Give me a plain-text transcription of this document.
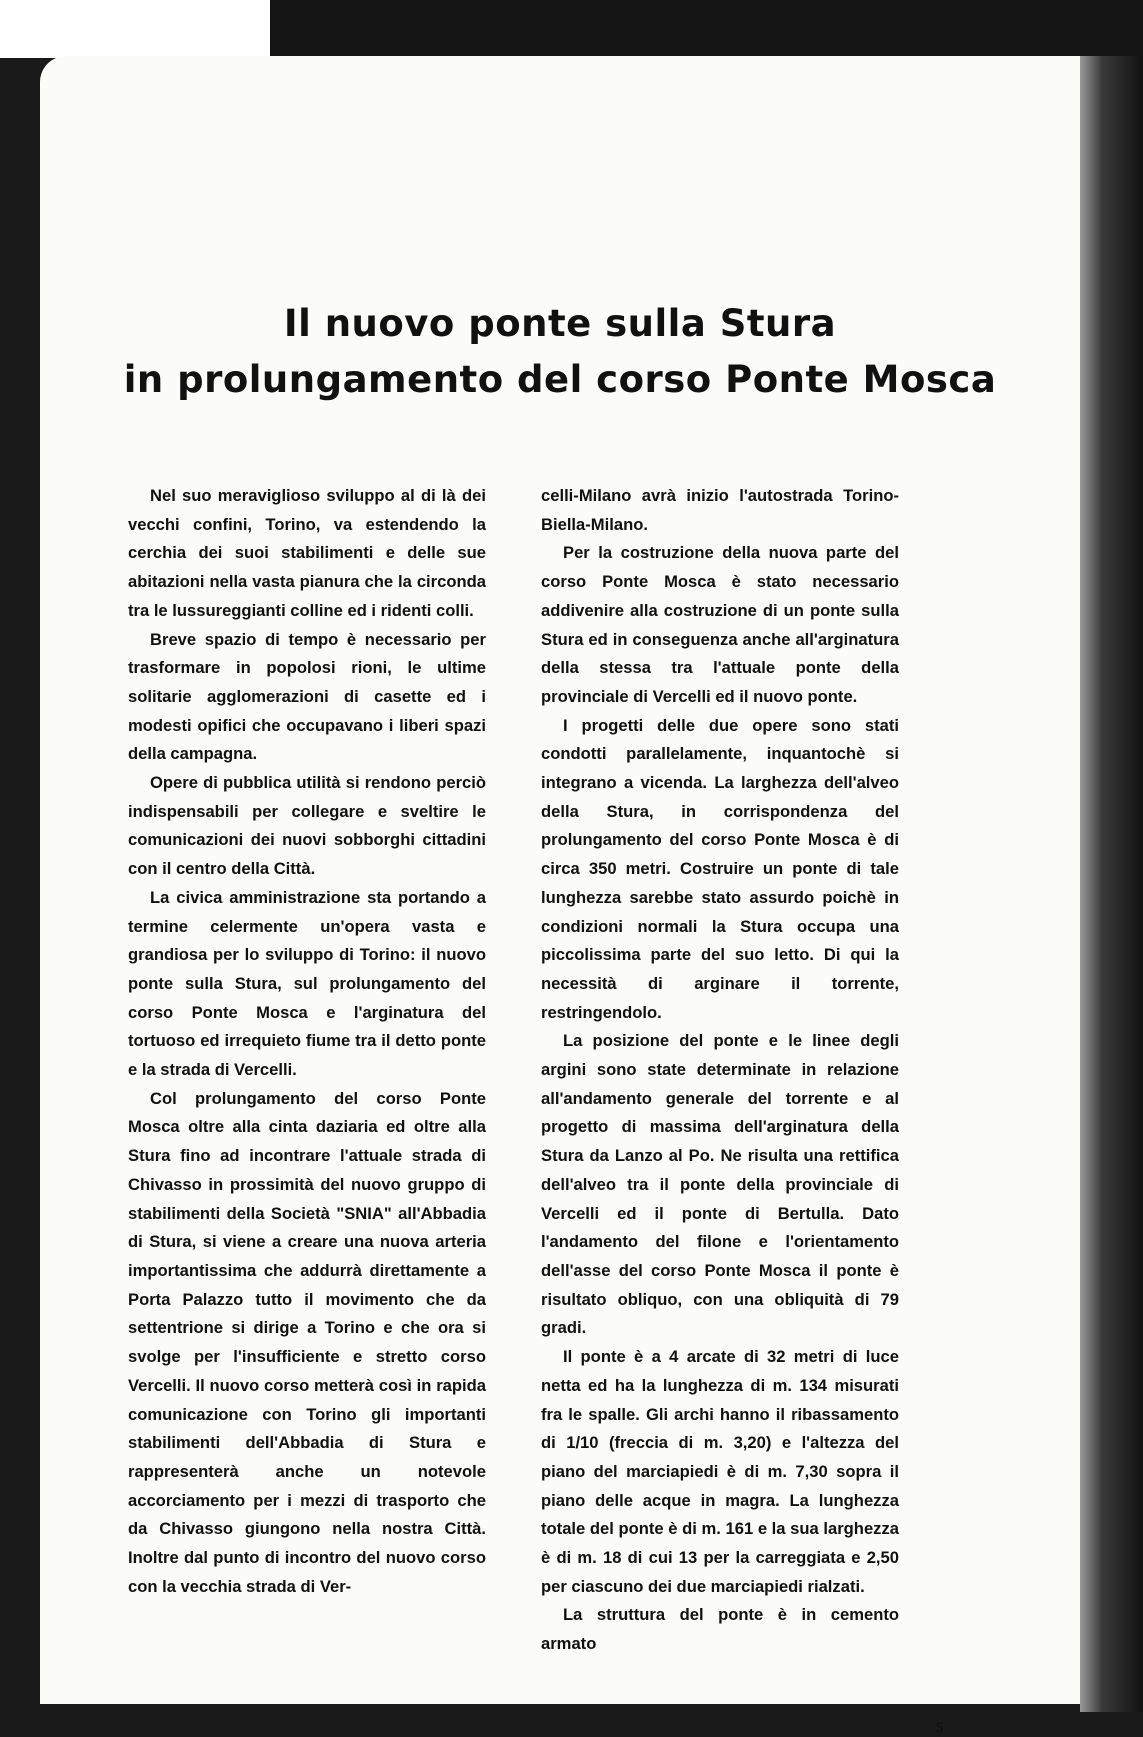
Il nuovo ponte sulla Stura
in prolungamento del corso Ponte Mosca

Nel suo meraviglioso sviluppo al di là dei vecchi confini, Torino, va estendendo la cerchia dei suoi stabilimenti e delle sue abitazioni nella vasta pianura che la circonda tra le lussureggianti colline ed i ridenti colli.

Breve spazio di tempo è necessario per trasformare in popolosi rioni, le ultime solitarie agglomerazioni di casette ed i modesti opifici che occupavano i liberi spazi della campagna.

Opere di pubblica utilità si rendono perciò indispensabili per collegare e sveltire le comunicazioni dei nuovi sobborghi cittadini con il centro della Città.

La civica amministrazione sta portando a termine celermente un'opera vasta e grandiosa per lo sviluppo di Torino: il nuovo ponte sulla Stura, sul prolungamento del corso Ponte Mosca e l'arginatura del tortuoso ed irrequieto fiume tra il detto ponte e la strada di Vercelli.

Col prolungamento del corso Ponte Mosca oltre alla cinta daziaria ed oltre alla Stura fino ad incontrare l'attuale strada di Chivasso in prossimità del nuovo gruppo di stabilimenti della Società "SNIA" all'Abbadia di Stura, si viene a creare una nuova arteria importantissima che addurrà direttamente a Porta Palazzo tutto il movimento che da settentrione si dirige a Torino e che ora si svolge per l'insufficiente e stretto corso Vercelli. Il nuovo corso metterà così in rapida comunicazione con Torino gli importanti stabilimenti dell'Abbadia di Stura e rappresenterà anche un notevole accorciamento per i mezzi di trasporto che da Chivasso giungono nella nostra Città. Inoltre dal punto di incontro del nuovo corso con la vecchia strada di Ver-

celli-Milano avrà inizio l'autostrada Torino-Biella-Milano.

Per la costruzione della nuova parte del corso Ponte Mosca è stato necessario addivenire alla costruzione di un ponte sulla Stura ed in conseguenza anche all'arginatura della stessa tra l'attuale ponte della provinciale di Vercelli ed il nuovo ponte.

I progetti delle due opere sono stati condotti parallelamente, inquantochè si integrano a vicenda. La larghezza dell'alveo della Stura, in corrispondenza del prolungamento del corso Ponte Mosca è di circa 350 metri. Costruire un ponte di tale lunghezza sarebbe stato assurdo poichè in condizioni normali la Stura occupa una piccolissima parte del suo letto. Di qui la necessità di arginare il torrente, restringendolo.

La posizione del ponte e le linee degli argini sono state determinate in relazione all'andamento generale del torrente e al progetto di massima dell'arginatura della Stura da Lanzo al Po. Ne risulta una rettifica dell'alveo tra il ponte della provinciale di Vercelli ed il ponte di Bertulla. Dato l'andamento del filone e l'orientamento dell'asse del corso Ponte Mosca il ponte è risultato obliquo, con una obliquità di 79 gradi.

Il ponte è a 4 arcate di 32 metri di luce netta ed ha la lunghezza di m. 134 misurati fra le spalle. Gli archi hanno il ribassamento di 1/10 (freccia di m. 3,20) e l'altezza del piano del marciapiedi è di m. 7,30 sopra il piano delle acque in magra. La lunghezza totale del ponte è di m. 161 e la sua larghezza è di m. 18 di cui 13 per la carreggiata e 2,50 per ciascuno dei due marciapiedi rialzati.

La struttura del ponte è in cemento armato

5
